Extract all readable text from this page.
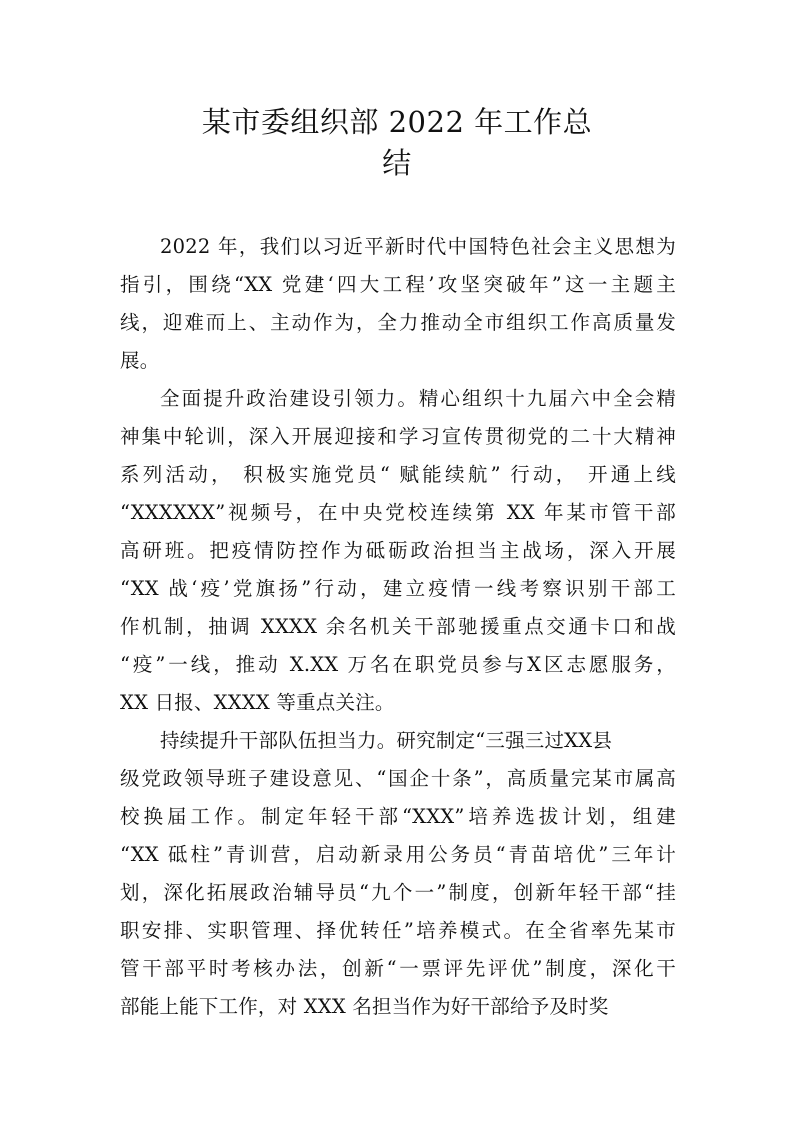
某市委组织部 2022 年工作总
结
2022 年，我们以习近平新时代中国特色社会主义思想为
指引，围绕“XX 党建‘四大工程’攻坚突破年”这一主题主
线，迎难而上、主动作为，全力推动全市组织工作高质量发
展。
全面提升政治建设引领力。精心组织十九届六中全会精
神集中轮训，深入开展迎接和学习宣传贯彻党的二十大精神
系列活动， 积极实施党员“ 赋能续航” 行动， 开通上线
“XXXXXX”视频号，在中央党校连续第 XX 年某市管干部
高研班。把疫情防控作为砥砺政治担当主战场，深入开展
“XX 战‘疫’党旗扬”行动，建立疫情一线考察识别干部工
作机制，抽调 XXXX 余名机关干部驰援重点交通卡口和战
“疫”一线，推动 X.XX 万名在职党员参与X区志愿服务，
XX 日报、XXXX 等重点关注。
持续提升干部队伍担当力。研究制定“三强三过XX县
级党政领导班子建设意见、“国企十条”，高质量完某市属高
校换届工作。制定年轻干部“XXX”培养选拔计划，组建
“XX 砥柱”青训营，启动新录用公务员“青苗培优”三年计
划，深化拓展政治辅导员“九个一”制度，创新年轻干部“挂
职安排、实职管理、择优转任”培养模式。在全省率先某市
管干部平时考核办法，创新“一票评先评优”制度，深化干
部能上能下工作，对 XXX 名担当作为好干部给予及时奖
